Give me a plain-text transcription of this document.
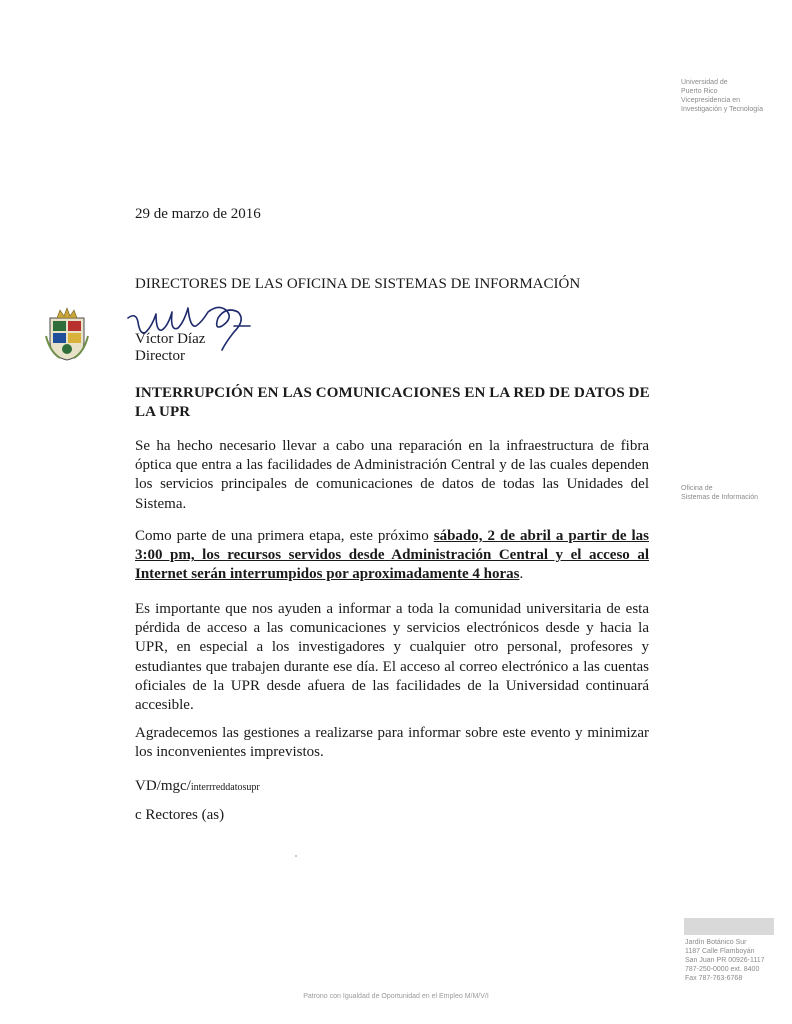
Universidad de
Puerto Rico
Vicepresidencia en
Investigación y Tecnología
Oficina de
Sistemas de Información
Jardín Botánico Sur
1187 Calle Flamboyán
San Juan PR 00926-1117
787-250-0000 ext. 8400
Fax 787-763-6768
29 de marzo de 2016
DIRECTORES DE LAS OFICINA DE SISTEMAS DE INFORMACIÓN
Víctor Díaz
Director
INTERRUPCIÓN EN LAS COMUNICACIONES EN LA RED DE DATOS DE LA UPR
Se ha hecho necesario llevar a cabo una reparación en la infraestructura de fibra óptica que entra a las facilidades de Administración Central y de las cuales dependen los servicios principales de comunicaciones de datos de todas las Unidades del Sistema.
Como parte de una primera etapa, este próximo sábado, 2 de abril a partir de las 3:00 pm, los recursos servidos desde Administración Central y el acceso al Internet serán interrumpidos por aproximadamente 4 horas.
Es importante que nos ayuden a informar a toda la comunidad universitaria de esta pérdida de acceso a las comunicaciones y servicios electrónicos desde y hacia la UPR, en especial a los investigadores y cualquier otro personal, profesores y estudiantes que trabajen durante ese día. El acceso al correo electrónico a las cuentas oficiales de la UPR desde afuera de las facilidades de la Universidad continuará accesible.
Agradecemos las gestiones a realizarse para informar sobre este evento y minimizar los inconvenientes imprevistos.
VD/mgc/interrreddatosupr
c Rectores (as)
Patrono con Igualdad de Oportunidad en el Empleo M/M/V/I
